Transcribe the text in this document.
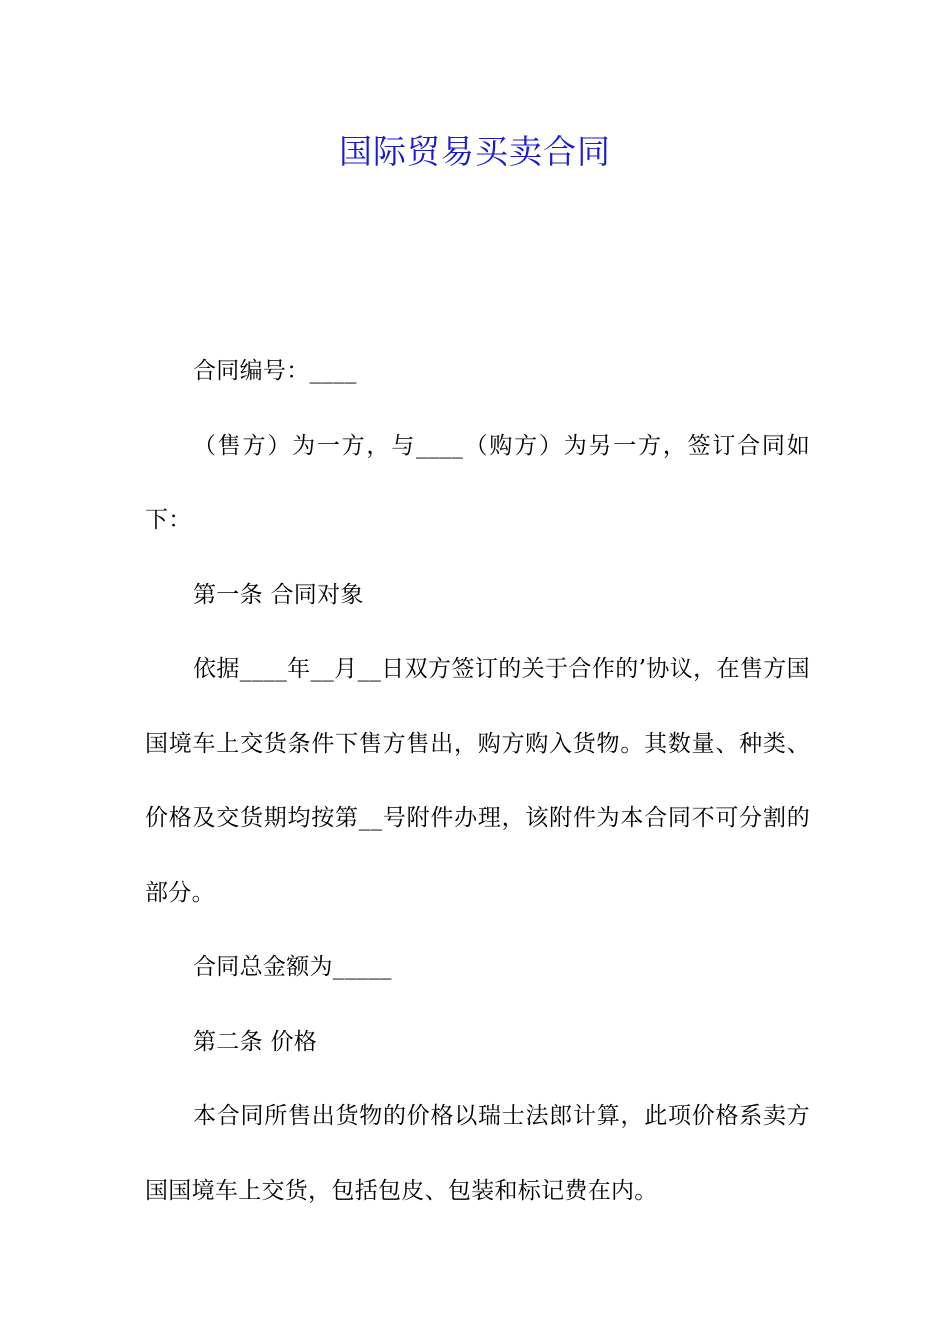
国际贸易买卖合同

合同编号：____

（售方）为一方，与____（购方）为另一方，签订合同如下：

第一条 合同对象

依据____年__月__日双方签订的关于合作的’协议，在售方国国境车上交货条件下售方售出，购方购入货物。其数量、种类、价格及交货期均按第__号附件办理，该附件为本合同不可分割的部分。

合同总金额为_____

第二条 价格

本合同所售出货物的价格以瑞士法郎计算，此项价格系卖方国国境车上交货，包括包皮、包装和标记费在内。
